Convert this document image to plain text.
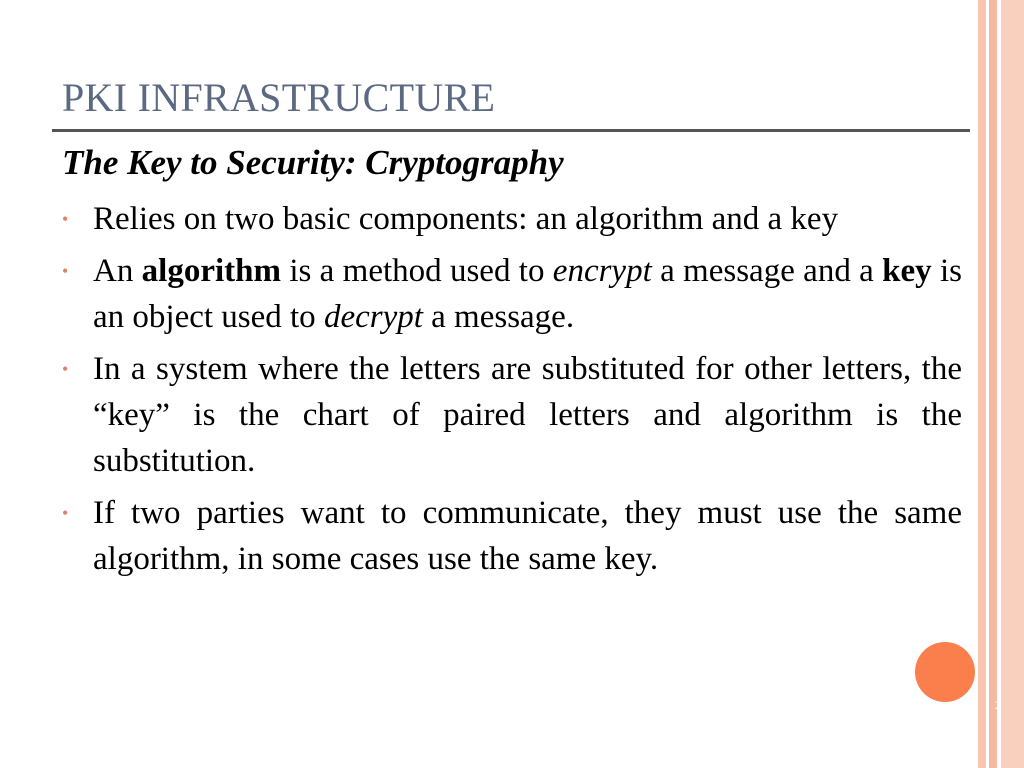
PKI INFRASTRUCTURE
The Key to Security: Cryptography
• Relies on two basic components: an algorithm and a key
• An algorithm is a method used to encrypt a message and a key is an object used to decrypt a message.
• In a system where the letters are substituted for other letters, the “key” is the chart of paired letters and algorithm is the substitution.
• If two parties want to communicate, they must use the same algorithm, in some cases use the same key.
2
